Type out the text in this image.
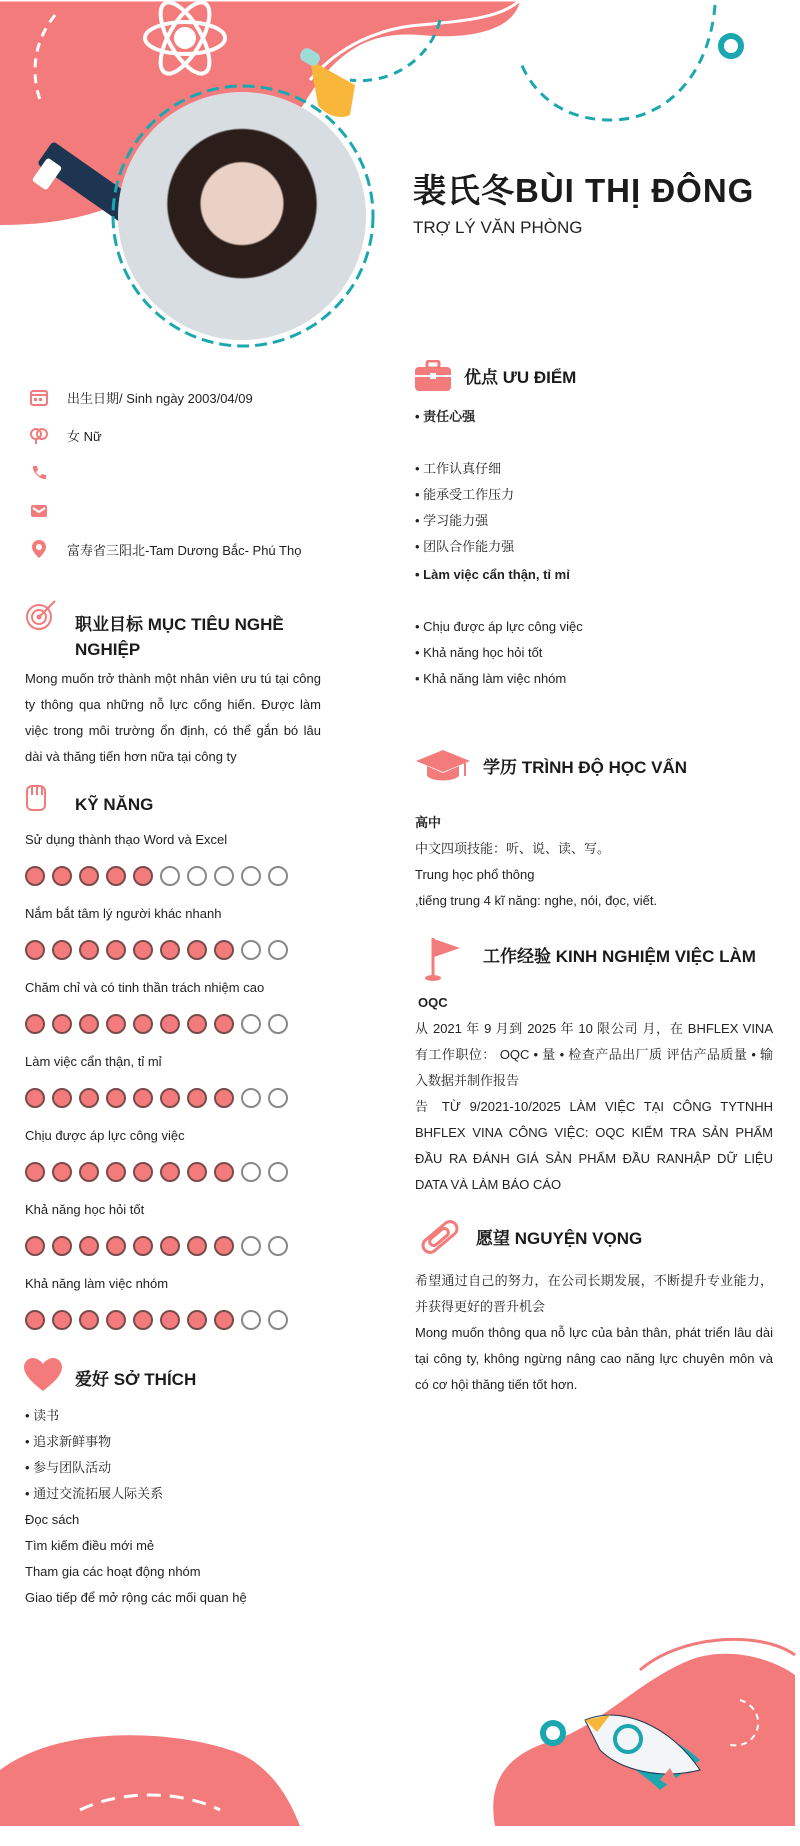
裴氏冬BÙI THỊ ĐÔNG
TRỢ LÝ VĂN PHÒNG
出生日期/ Sinh ngày 2003/04/09
女 Nữ
富寿省三阳北-Tam Dương Bắc- Phú Thọ
职业目标 MỤC TIÊU NGHỀ NGHIỆP
Mong muốn trở thành một nhân viên ưu tú tại công ty thông qua những nỗ lực cống hiến. Được làm việc trong môi trường ổn định, có thể gắn bó lâu dài và thăng tiến hơn nữa tại công ty
KỸ NĂNG
Sử dụng thành thạo Word và Excel
Nắm bắt tâm lý người khác nhanh
Chăm chỉ và có tinh thần trách nhiệm cao
Làm việc cẩn thận, tỉ mỉ
Chịu được áp lực công việc
Khả năng học hỏi tốt
Khả năng làm việc nhóm
爱好 SỞ THÍCH
• 读书
• 追求新鲜事物
• 参与团队活动
• 通过交流拓展人际关系
Đọc sách
Tìm kiếm điều mới mẻ
Tham gia các hoạt động nhóm
Giao tiếp để mở rộng các mối quan hệ
优点 ƯU ĐIỂM
• 责任心强

• 工作认真仔细
• 能承受工作压力
• 学习能力强
• 团队合作能力强
• Làm việc cẩn thận, tỉ mỉ

• Chịu được áp lực công việc
• Khả năng học hỏi tốt
• Khả năng làm việc nhóm
学历 TRÌNH ĐỘ HỌC VẤN
高中
中文四项技能：听、说、读、写。
Trung học phổ thông
,tiếng trung 4 kĩ năng: nghe, nói, đọc, viết.
工作经验 KINH NGHIỆM VIỆC LÀM
OQC
从 2021 年 9 月到 2025 年 10 限公司 月，在 BHFLEX VINA 有工作职位： OQC • 量 • 检查产品出厂质 评估产品质量 • 输入数据并制作报告
告 TỪ 9/2021-10/2025 LÀM VIỆC TẠI CÔNG TYTNHH BHFLEX VINA CÔNG VIỆC: OQC KIỂM TRA SẢN PHẨM ĐẦU RA ĐÁNH GIÁ SẢN PHẨM ĐẦU RANHẬP DỮ LIỆU DATA VÀ LÀM BÁO CÁO
愿望 NGUYỆN VỌNG
希望通过自己的努力，在公司长期发展，不断提升专业能力，并获得更好的晋升机会
Mong muốn thông qua nỗ lực của bản thân, phát triển lâu dài tại công ty, không ngừng nâng cao năng lực chuyên môn và có cơ hội thăng tiến tốt hơn.
